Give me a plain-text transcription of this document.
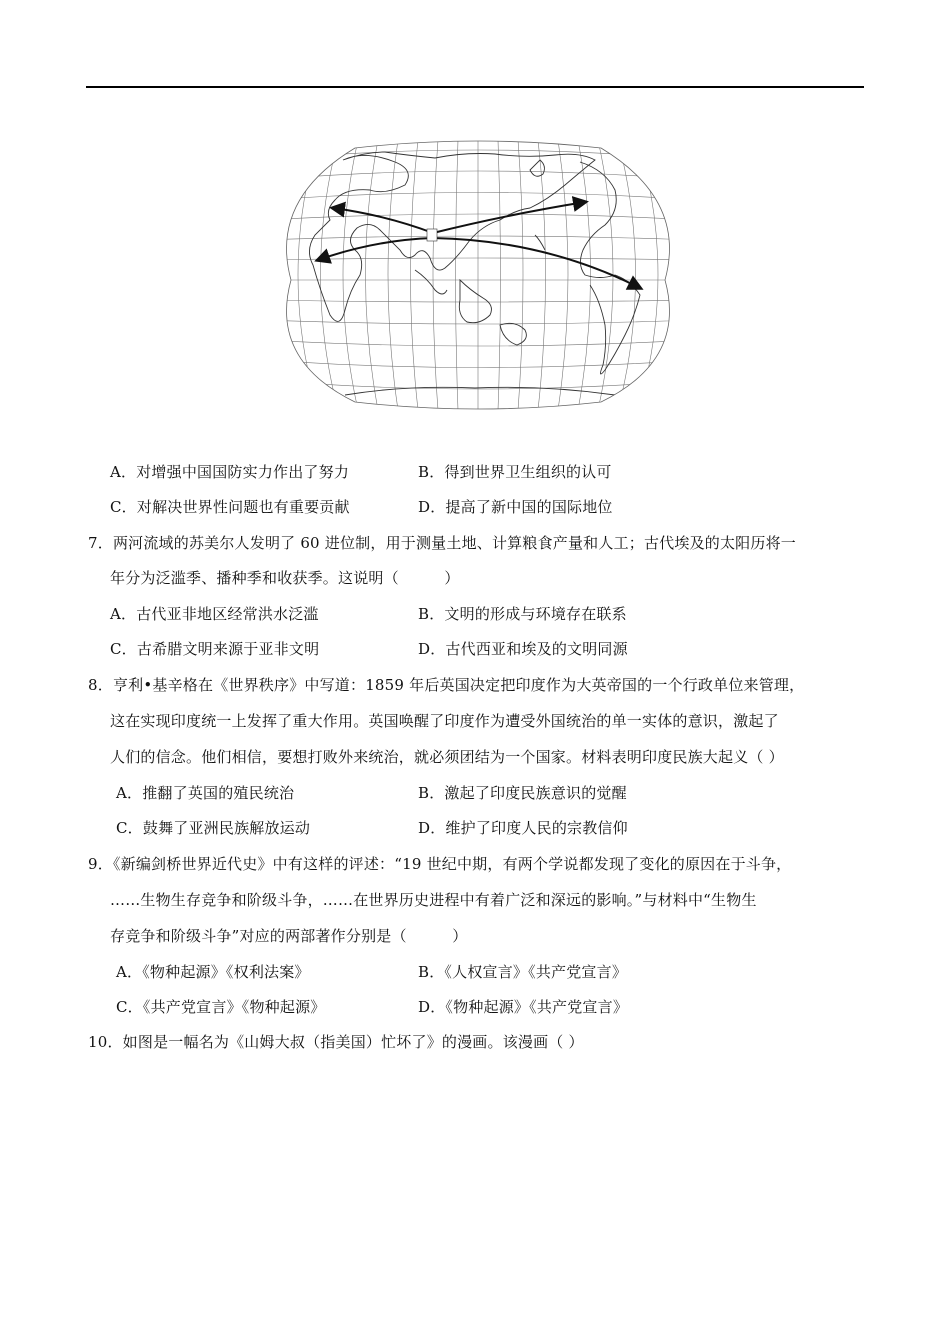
A．对增强中国国防实力作出了努力	B．得到世界卫生组织的认可
C．对解决世界性问题也有重要贡献	D．提高了新中国的国际地位
7．两河流域的苏美尔人发明了 60 进位制，用于测量土地、计算粮食产量和人工；古代埃及的太阳历将一
年分为泛滥季、播种季和收获季。这说明（　　　）
A．古代亚非地区经常洪水泛滥	B．文明的形成与环境存在联系
C．古希腊文明来源于亚非文明	D．古代西亚和埃及的文明同源
8．亨利•基辛格在《世界秩序》中写道：1859 年后英国决定把印度作为大英帝国的一个行政单位来管理，
这在实现印度统一上发挥了重大作用。英国唤醒了印度作为遭受外国统治的单一实体的意识，激起了
人们的信念。他们相信，要想打败外来统治，就必须团结为一个国家。材料表明印度民族大起义（ ）
A．推翻了英国的殖民统治	B．激起了印度民族意识的觉醒
C．鼓舞了亚洲民族解放运动	D．维护了印度人民的宗教信仰
9．《新编剑桥世界近代史》中有这样的评述：“19 世纪中期，有两个学说都发现了变化的原因在于斗争，
……生物生存竞争和阶级斗争，……在世界历史进程中有着广泛和深远的影响。”与材料中“生物生
存竞争和阶级斗争”对应的两部著作分别是（　　　）
A．《物种起源》《权利法案》	B．《人权宣言》《共产党宣言》
C．《共产党宣言》《物种起源》	D．《物种起源》《共产党宣言》
10．如图是一幅名为《山姆大叔（指美国）忙坏了》的漫画。该漫画（ ）
